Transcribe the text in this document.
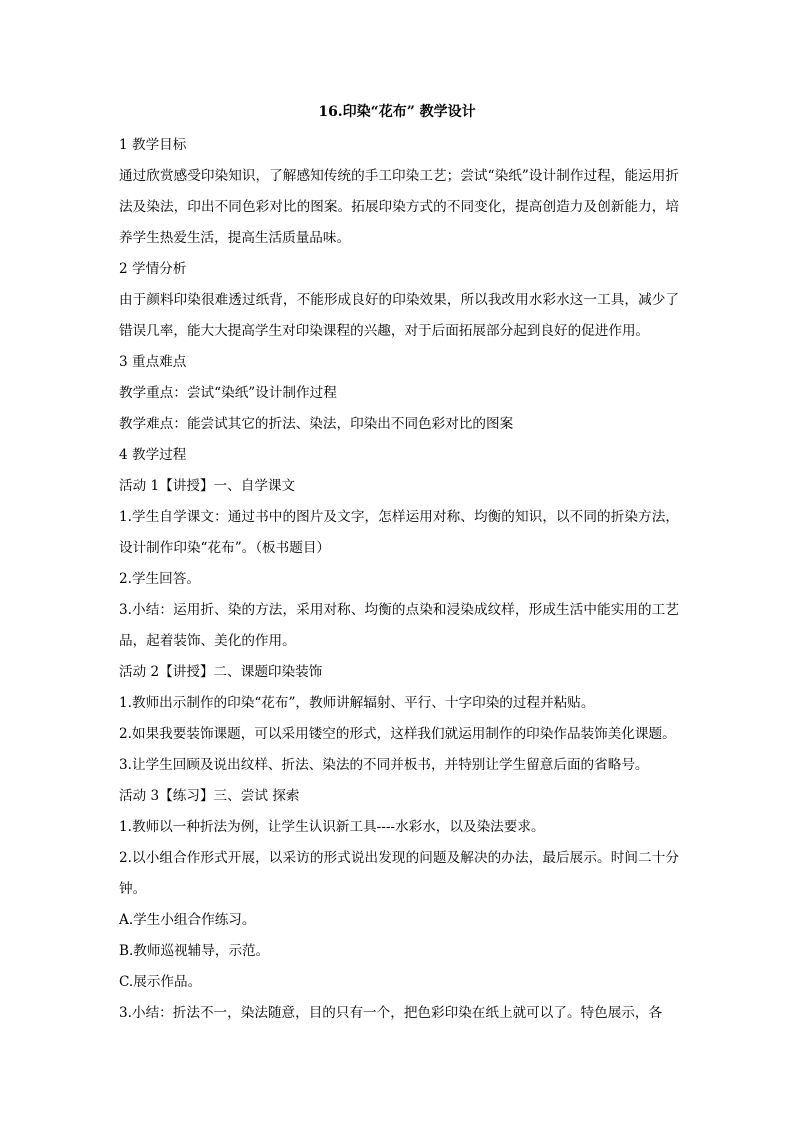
16.印染“花布” 教学设计

1 教学目标

通过欣赏感受印染知识，了解感知传统的手工印染工艺；尝试“染纸”设计制作过程，能运用折法及染法，印出不同色彩对比的图案。拓展印染方式的不同变化，提高创造力及创新能力，培养学生热爱生活，提高生活质量品味。

2 学情分析

由于颜料印染很难透过纸背，不能形成良好的印染效果，所以我改用水彩水这一工具，减少了错误几率，能大大提高学生对印染课程的兴趣，对于后面拓展部分起到良好的促进作用。

3 重点难点

教学重点：尝试“染纸”设计制作过程

教学难点：能尝试其它的折法、染法，印染出不同色彩对比的图案

4 教学过程

活动 1【讲授】一、自学课文

1.学生自学课文：通过书中的图片及文字，怎样运用对称、均衡的知识，以不同的折染方法，设计制作印染“花布”。（板书题目）

2.学生回答。

3.小结：运用折、染的方法，采用对称、均衡的点染和浸染成纹样，形成生活中能实用的工艺品，起着装饰、美化的作用。

活动 2【讲授】二、课题印染装饰

1.教师出示制作的印染“花布”，教师讲解辐射、平行、十字印染的过程并粘贴。

2.如果我要装饰课题，可以采用镂空的形式，这样我们就运用制作的印染作品装饰美化课题。

3.让学生回顾及说出纹样、折法、染法的不同并板书，并特别让学生留意后面的省略号。

活动 3【练习】三、尝试 探索

1.教师以一种折法为例，让学生认识新工具----水彩水，以及染法要求。

2.以小组合作形式开展，以采访的形式说出发现的问题及解决的办法，最后展示。时间二十分钟。

A.学生小组合作练习。

B.教师巡视辅导，示范。

C.展示作品。

3.小结：折法不一，染法随意，目的只有一个，把色彩印染在纸上就可以了。特色展示，各
